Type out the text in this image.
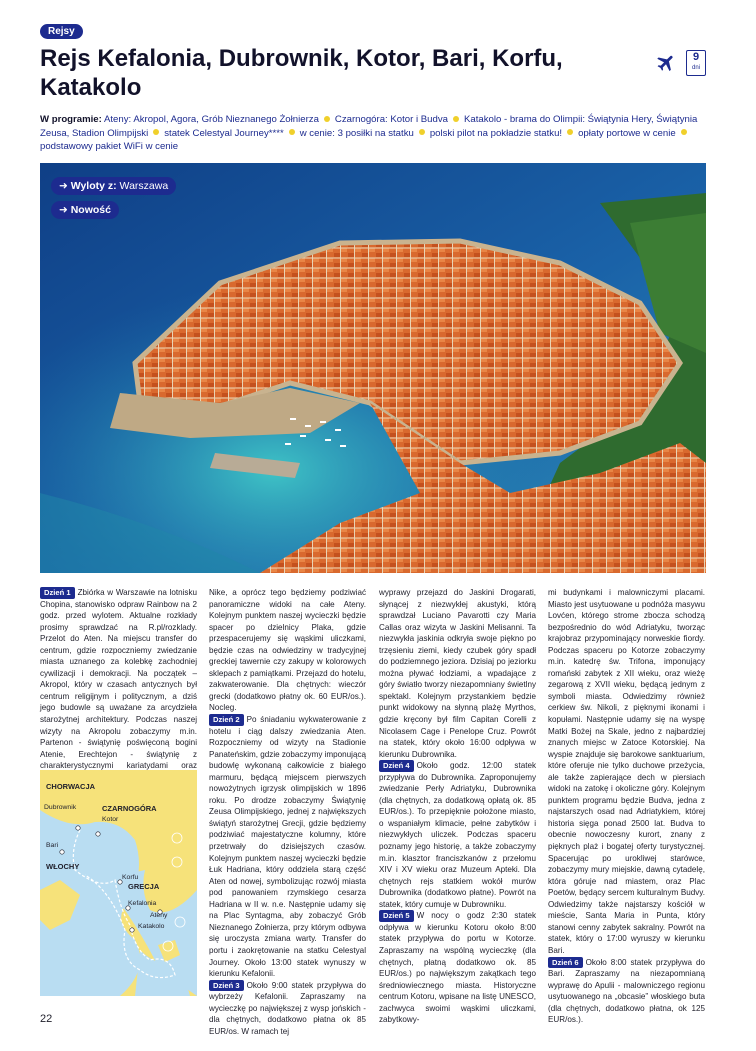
Rejsy
Rejs Kefalonia, Dubrownik, Kotor, Bari, Korfu, Katakolo
9
dni
W programie: Ateny: Akropol, Agora, Grób Nieznanego Żołnierza Czarnogóra: Kotor i Budva Katakolo - brama do Olimpii: Świątynia Hery, Świątynia Zeusa, Stadion Olimpijski statek Celestyal Journey**** w cenie: 3 posiłki na statku polski pilot na pokładzie statku! opłaty portowe w ceniepodstawowy pakiet WiFi w cenie
➜ Wyloty z: Warszawa
➜ Nowość
Dzień 1 Zbiórka w Warszawie na lotnisku Chopina, stanowisko odpraw Rainbow na 2 godz. przed wylotem. Aktualne rozkłady prosimy sprawdzać na R.pl/rozklady. Przelot do Aten. Na miejscu transfer do centrum, gdzie rozpoczniemy zwiedzanie miasta uznanego za kolebkę zachodniej cywilizacji i demokracji. Na początek – Akropol, który w czasach antycznych był centrum religijnym i politycznym, a dziś jego budowle są uważane za arcydzieła starożytnej architektury. Podczas naszej wizyty na Akropolu zobaczymy m.in. Partenon - świątynię poświęconą bogini Atenie, Erechtejon - świątynię z charakterystycznymi kariatydami oraz
CHORWACJA
CZARNOGÓRA
WŁOCHY
GRECJA
Dubrownik
Kotor
Bari
Korfu
Kefalonia
Ateny
Katakolo
Nike, a oprócz tego będziemy podziwiać panoramiczne widoki na całe Ateny. Kolejnym punktem naszej wycieczki będzie spacer po dzielnicy Plaka, gdzie przespacerujemy się wąskimi uliczkami, będzie czas na odwiedziny w tradycyjnej greckiej tawernie czy zakupy w kolorowych sklepach z pamiątkami. Przejazd do hotelu, zakwaterowanie. Dla chętnych: wieczór grecki (dodatkowo płatny ok. 60 EUR/os.). Nocleg.
Dzień 2 Po śniadaniu wykwaterowanie z hotelu i ciąg dalszy zwiedzania Aten. Rozpoczniemy od wizyty na Stadionie Panateńskim, gdzie zobaczymy imponującą budowlę wykonaną całkowicie z białego marmuru, będącą miejscem pierwszych nowożytnych igrzysk olimpijskich w 1896 roku. Po drodze zobaczymy Świątynię Zeusa Olimpijskiego, jednej z największych świątyń starożytnej Grecji, gdzie będziemy podziwiać majestatyczne kolumny, które przetrwały do dzisiejszych czasów. Kolejnym punktem naszej wycieczki będzie Łuk Hadriana, który oddziela starą część Aten od nowej, symbolizując rozwój miasta pod panowaniem rzymskiego cesarza Hadriana w II w. n.e. Następnie udamy się na Plac Syntagma, aby zobaczyć Grób Nieznanego Żołnierza, przy którym odbywa się uroczysta zmiana warty. Transfer do portu i zaokrętowanie na statku Celestyal Journey. Około 13:00 statek wynuszy w kierunku Kefalonii.
Dzień 3 Około 9:00 statek przypływa do wybrzeży Kefalonii. Zapraszamy na wycieczkę po największej z wysp jońskich - dla chętnych, dodatkowo płatna ok 85 EUR/os. W ramach tej
wyprawy przejazd do Jaskini Drogarati, słynącej z niezwykłej akustyki, którą sprawdzał Luciano Pavarotti czy Maria Callas oraz wizyta w Jaskini Melisanni. Ta niezwykła jaskinia odkryła swoje piękno po trzęsieniu ziemi, kiedy czubek góry spadł do podziemnego jeziora. Dzisiaj po jeziorku można pływać łodziami, a wpadające z góry światło tworzy niezapomniany świetlny spektakl. Kolejnym przystankiem będzie punkt widokowy na słynną plażę Myrthos, gdzie kręcony był film Capitan Corelli z Nicolasem Cage i Penelope Cruz. Powrót na statek, który około 16:00 odpływa w kierunku Dubrownika.
Dzień 4 Około godz. 12:00 statek przypływa do Dubrownika. Zaproponujemy zwiedzanie Perły Adriatyku, Dubrownika (dla chętnych, za dodatkową opłatą ok. 85 EUR/os.). To przepięknie położone miasto, o wspaniałym klimacie, pełne zabytków i niezwykłych uliczek. Podczas spaceru poznamy jego historię, a także zobaczymy m.in. klasztor franciszkanów z przełomu XIV i XV wieku oraz Muzeum Apteki. Dla chętnych rejs statkiem wokół murów Dubrownika (dodatkowo płatne). Powrót na statek, który cumuje w Dubrowniku.
Dzień 5 W nocy o godz 2:30 statek odpływa w kierunku Kotoru około 8:00 statek przypływa do portu w Kotorze. Zapraszamy na wspólną wycieczkę (dla chętnych, płatną dodatkowo ok. 85 EUR/os.) po największym zakątkach tego średniowiecznego miasta. Historyczne centrum Kotoru, wpisane na listę UNESCO, zachwyca swoimi wąskimi uliczkami, zabytkowy-
mi budynkami i malowniczymi placami. Miasto jest usytuowane u podnóża masywu Lovćen, którego strome zbocza schodzą bezpośrednio do wód Adriatyku, tworząc krajobraz przypominający norweskie fiordy. Podczas spaceru po Kotorze zobaczymy m.in. katedrę św. Trifona, imponujący romański zabytek z XII wieku, oraz wieżę zegarową z XVII wieku, będącą jednym z symboli miasta. Odwiedzimy również cerkiew św. Nikoli, z pięknymi ikonami i kopułami. Następnie udamy się na wyspę Matki Bożej na Skale, jedno z najbardziej znanych miejsc w Zatoce Kotorskiej. Na wyspie znajduje się barokowe sanktuarium, które oferuje nie tylko duchowe przeżycia, ale także zapierające dech w piersiach widoki na zatokę i okoliczne góry. Kolejnym punktem programu będzie Budva, jedna z najstarszych osad nad Adriatykiem, której historia sięga ponad 2500 lat. Budva to obecnie nowoczesny kurort, znany z pięknych plaż i bogatej oferty turystycznej. Spacerując po urokliwej starówce, zobaczymy mury miejskie, dawną cytadelę, która góruje nad miastem, oraz Plac Poetów, będący sercem kulturalnym Budvy. Odwiedzimy także najstarszy kościół w mieście, Santa Maria in Punta, który stanowi cenny zabytek sakralny. Powrót na statek, który o 17:00 wyruszy w kierunku Bari.
Dzień 6 Około 8:00 statek przypływa do Bari. Zapraszamy na niezapomnianą wyprawę do Apulii - malowniczego regionu usytuowanego na „obcasie” włoskiego buta (dla chętnych, dodatkowo płatna, ok 125 EUR/os.).
22
